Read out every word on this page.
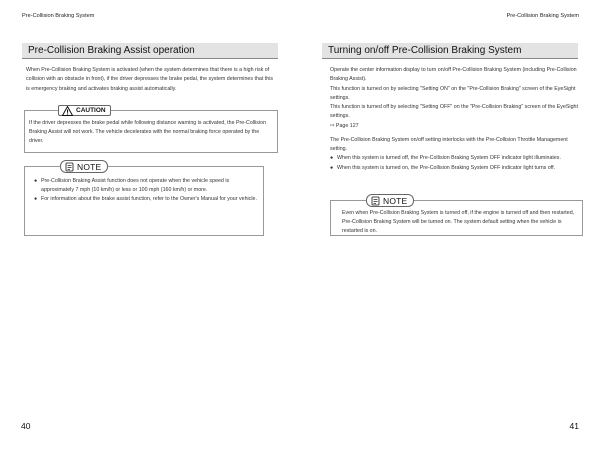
Pre-Collision Braking System
Pre-Collision Braking Assist operation

When Pre-Collision Braking System is activated (when the system determines that there is a high risk of collision with an obstacle in front), if the driver depresses the brake pedal, the system determines that this is emergency braking and activates braking assist automatically.

CAUTION
If the driver depresses the brake pedal while following distance warning is activated, the Pre-Collision Braking Assist will not work. The vehicle decelerates with the normal braking force operated by the driver.
NOTE
● Pre-Collision Braking Assist function does not operate when the vehicle speed is approximately 7 mph (10 km/h) or less or 100 mph (160 km/h) or more.
● For information about the brake assist function, refer to the Owner's Manual for your vehicle.
40
Pre-Collision Braking System
Turning on/off Pre-Collision Braking System

Operate the center information display to turn on/off Pre-Collision Braking System (including Pre-Collision Braking Assist).

This function is turned on by selecting "Setting ON" on the "Pre-Collision Braking" screen of the EyeSight settings.

This function is turned off by selecting "Setting OFF" on the "Pre-Collision Braking" screen of the EyeSight settings.

⇨ Page 127

The Pre-Collision Braking System on/off setting interlocks with the Pre-Collision Throttle Management setting.

● When this system is turned off, the Pre-Collision Braking System OFF indicator light illuminates.
● When this system is turned on, the Pre-Collision Braking System OFF indicator light turns off.
NOTE
Even when Pre-Collision Braking System is turned off, if the engine is turned off and then restarted, Pre-Collision Braking System will be turned on. The system default setting when the vehicle is restarted is on.
41
